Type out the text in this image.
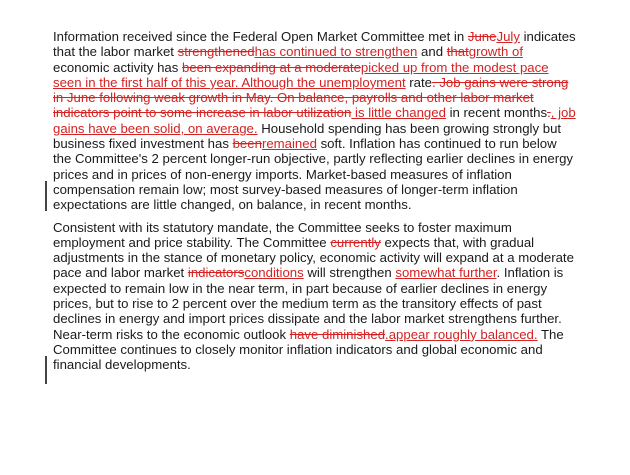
Information received since the Federal Open Market Committee met in JuneJuly indicates that the labor market strengthenedhas continued to strengthen and thatgrowth of economic activity has been expanding at a moderatepicked up from the modest pace seen in the first half of this year. Although the unemployment rate. Job gains were strong in June following weak growth in May. On balance, payrolls and other labor market indicators point to some increase in labor utilization is little changed in recent months., job gains have been solid, on average. Household spending has been growing strongly but business fixed investment has beenremained soft. Inflation has continued to run below the Committee's 2 percent longer-run objective, partly reflecting earlier declines in energy prices and in prices of non-energy imports. Market-based measures of inflation compensation remain low; most survey-based measures of longer-term inflation expectations are little changed, on balance, in recent months.
Consistent with its statutory mandate, the Committee seeks to foster maximum employment and price stability. The Committee currently expects that, with gradual adjustments in the stance of monetary policy, economic activity will expand at a moderate pace and labor market indicatorsconditions will strengthen somewhat further. Inflation is expected to remain low in the near term, in part because of earlier declines in energy prices, but to rise to 2 percent over the medium term as the transitory effects of past declines in energy and import prices dissipate and the labor market strengthens further. Near-term risks to the economic outlook have diminished.appear roughly balanced. The Committee continues to closely monitor inflation indicators and global economic and financial developments.
